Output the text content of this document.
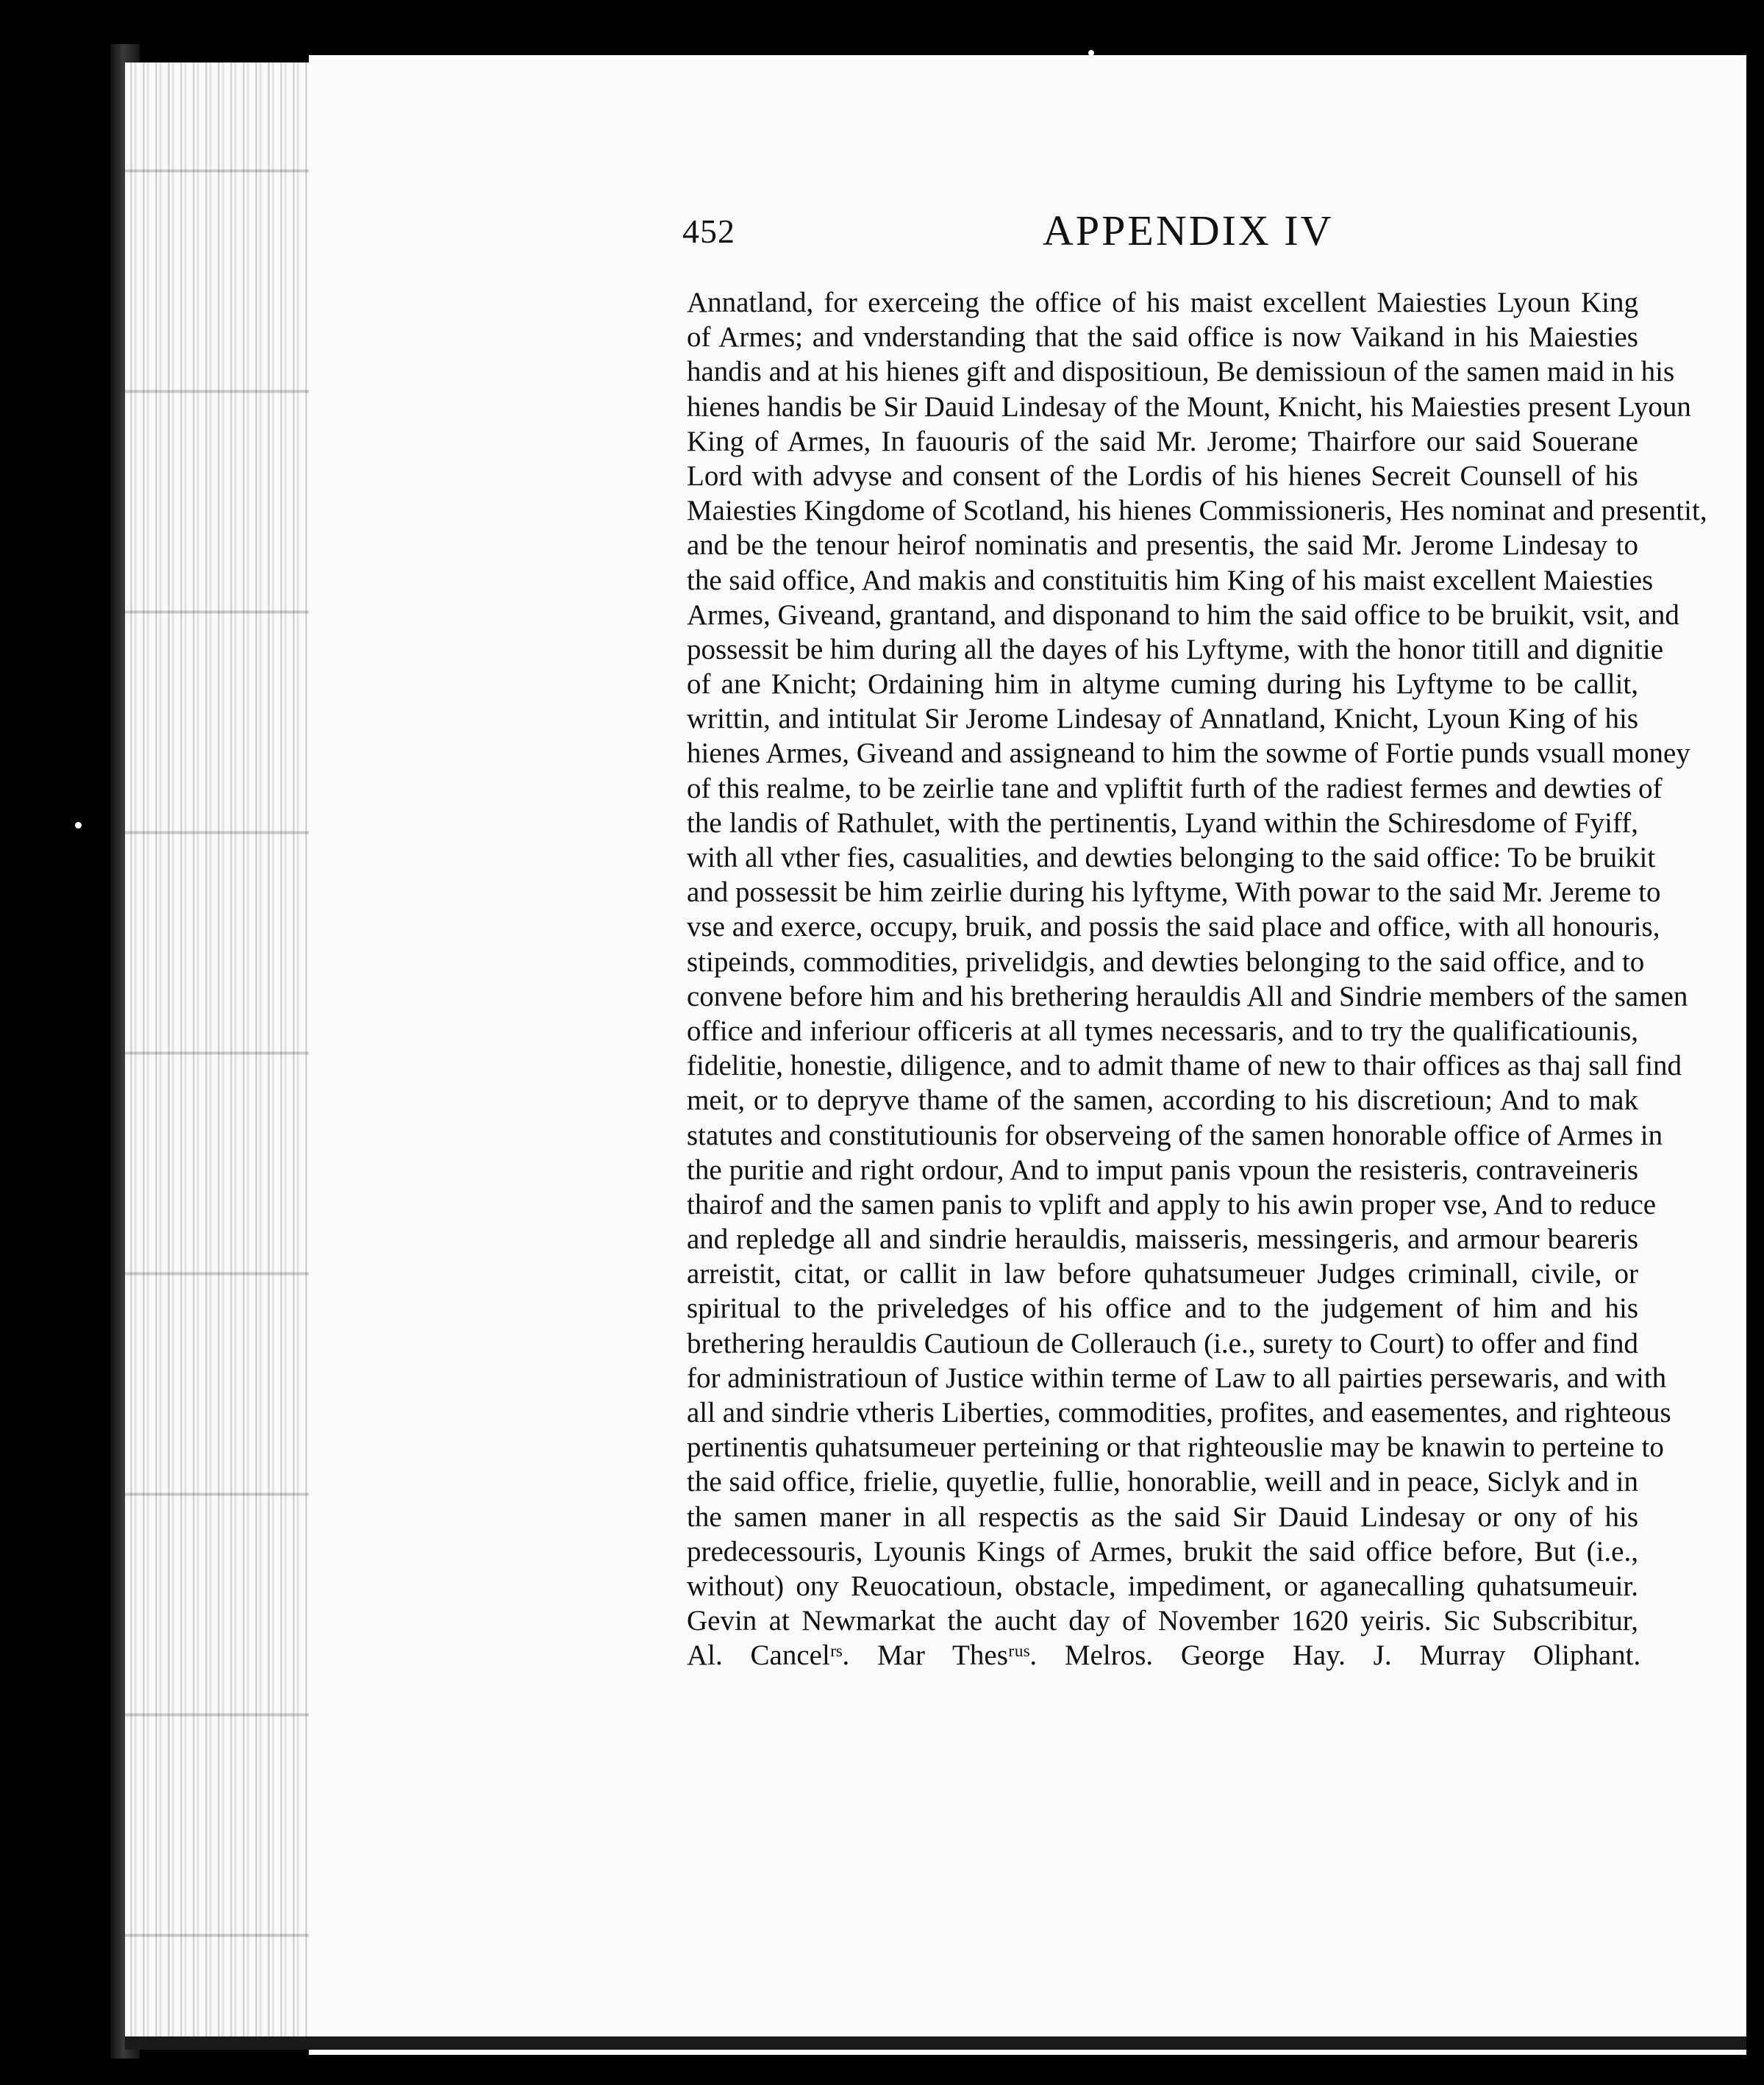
452	APPENDIX IV
Annatland, for exerceing the office of his maist excellent Maiesties Lyoun King
of Armes; and vnderstanding that the said office is now Vaikand in his Maiesties
handis and at his hienes gift and dispositioun, Be demissioun of the samen maid in his
hienes handis be Sir Dauid Lindesay of the Mount, Knicht, his Maiesties present Lyoun
King of Armes, In fauouris of the said Mr. Jerome; Thairfore our said Souerane
Lord with advyse and consent of the Lordis of his hienes Secreit Counsell of his
Maiesties Kingdome of Scotland, his hienes Commissioneris, Hes nominat and presentit,
and be the tenour heirof nominatis and presentis, the said Mr. Jerome Lindesay to
the said office, And makis and constituitis him King of his maist excellent Maiesties
Armes, Giveand, grantand, and disponand to him the said office to be bruikit, vsit, and
possessit be him during all the dayes of his Lyftyme, with the honor titill and dignitie
of ane Knicht; Ordaining him in altyme cuming during his Lyftyme to be callit,
writtin, and intitulat Sir Jerome Lindesay of Annatland, Knicht, Lyoun King of his
hienes Armes, Giveand and assigneand to him the sowme of Fortie punds vsuall money
of this realme, to be zeirlie tane and vpliftit furth of the radiest fermes and dewties of
the landis of Rathulet, with the pertinentis, Lyand within the Schiresdome of Fyiff,
with all vther fies, casualities, and dewties belonging to the said office: To be bruikit
and possessit be him zeirlie during his lyftyme, With powar to the said Mr. Jereme to
vse and exerce, occupy, bruik, and possis the said place and office, with all honouris,
stipeinds, commodities, privelidgis, and dewties belonging to the said office, and to
convene before him and his brethering herauldis All and Sindrie members of the samen
office and inferiour officeris at all tymes necessaris, and to try the qualificatiounis,
fidelitie, honestie, diligence, and to admit thame of new to thair offices as thaj sall find
meit, or to depryve thame of the samen, according to his discretioun; And to mak
statutes and constitutiounis for observeing of the samen honorable office of Armes in
the puritie and right ordour, And to imput panis vpoun the resisteris, contraveineris
thairof and the samen panis to vplift and apply to his awin proper vse, And to reduce
and repledge all and sindrie herauldis, maisseris, messingeris, and armour beareris
arreistit, citat, or callit in law before quhatsumeuer Judges criminall, civile, or
spiritual to the priveledges of his office and to the judgement of him and his
brethering herauldis Cautioun de Collerauch (i.e., surety to Court) to offer and find
for administratioun of Justice within terme of Law to all pairties persewaris, and with
all and sindrie vtheris Liberties, commodities, profites, and easementes, and righteous
pertinentis quhatsumeuer perteining or that righteouslie may be knawin to perteine to
the said office, frielie, quyetlie, fullie, honorablie, weill and in peace, Siclyk and in
the samen maner in all respectis as the said Sir Dauid Lindesay or ony of his
predecessouris, Lyounis Kings of Armes, brukit the said office before, But (i.e.,
without) ony Reuocatioun, obstacle, impediment, or aganecalling quhatsumeuir.
Gevin at Newmarkat the aucht day of November 1620 yeiris. Sic Subscribitur,
Al. Cancelʳˢ. Mar Thesʳᵘˢ. Melros. George Hay. J. Murray Oliphant.
